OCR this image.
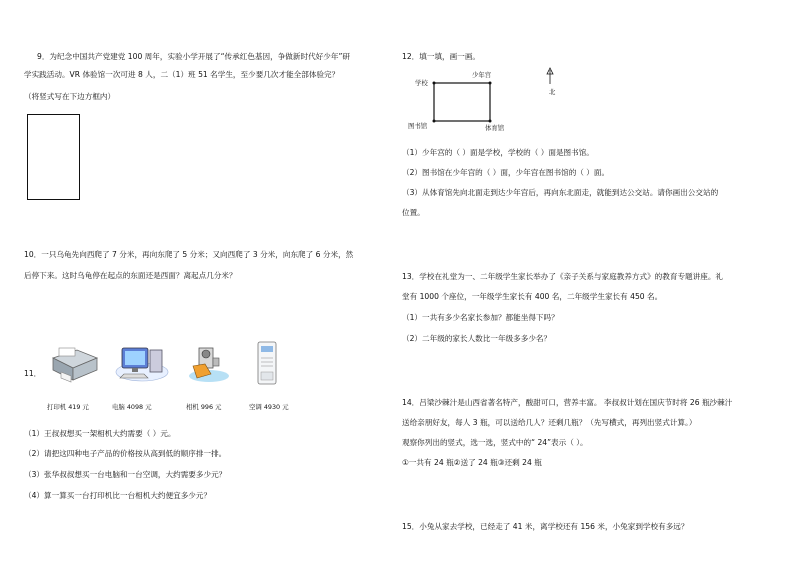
9．为纪念中国共产党建党 100 周年，实验小学开展了“传承红色基因，争做新时代好少年”研
学实践活动。VR 体验馆一次可进 8 人，二（1）班 51 名学生，至少要几次才能全部体验完？
（将竖式写在下边方框内）
10．一只乌龟先向西爬了 7 分米，再向东爬了 5 分米；又向西爬了 3 分米，向东爬了 6 分米，然
后停下来。这时乌龟停在起点的东面还是西面？离起点几分米？
11．
打印机 419 元	电脑 4098 元	相机 996 元	空调 4930 元
（1）王叔叔想买一架相机大约需要（ ）元。
（2）请把这四种电子产品的价格按从高到低的顺序排一排。
（3）张华叔叔想买一台电脑和一台空调，大约需要多少元？
（4）算一算买一台打印机比一台相机大约便宜多少元？
12．填一填，画一画。
学校
少年宫
图书馆	体育馆
北
（1）少年宫的（ ）面是学校，学校的（ ）面是图书馆。
（2）图书馆在少年宫的（ ）面，少年宫在图书馆的（ ）面。
（3）从体育馆先向北面走到达少年宫后，再向东北面走，就能到达公交站。请你画出公交站的
位置。
13．学校在礼堂为一、二年级学生家长举办了《亲子关系与家庭教养方式》的教育专题讲座。礼
堂有 1000 个座位，一年级学生家长有 400 名，二年级学生家长有 450 名。
（1）一共有多少名家长参加？都能坐得下吗？
（2）二年级的家长人数比一年级多多少名？
14．吕梁沙棘汁是山西省著名特产，酸甜可口，营养丰富。 李叔叔计划在国庆节时将 26 瓶沙棘汁
送给亲朋好友，每人 3 瓶，可以送给几人？还剩几瓶？（先写横式，再列出竖式计算。）
观察你列出的竖式，选一选，竖式中的“ 24”表示（ ）。
①一共有 24 瓶②送了 24 瓶③还剩 24 瓶
15．小兔从家去学校，已经走了 41 米，离学校还有 156 米，小兔家到学校有多远？
